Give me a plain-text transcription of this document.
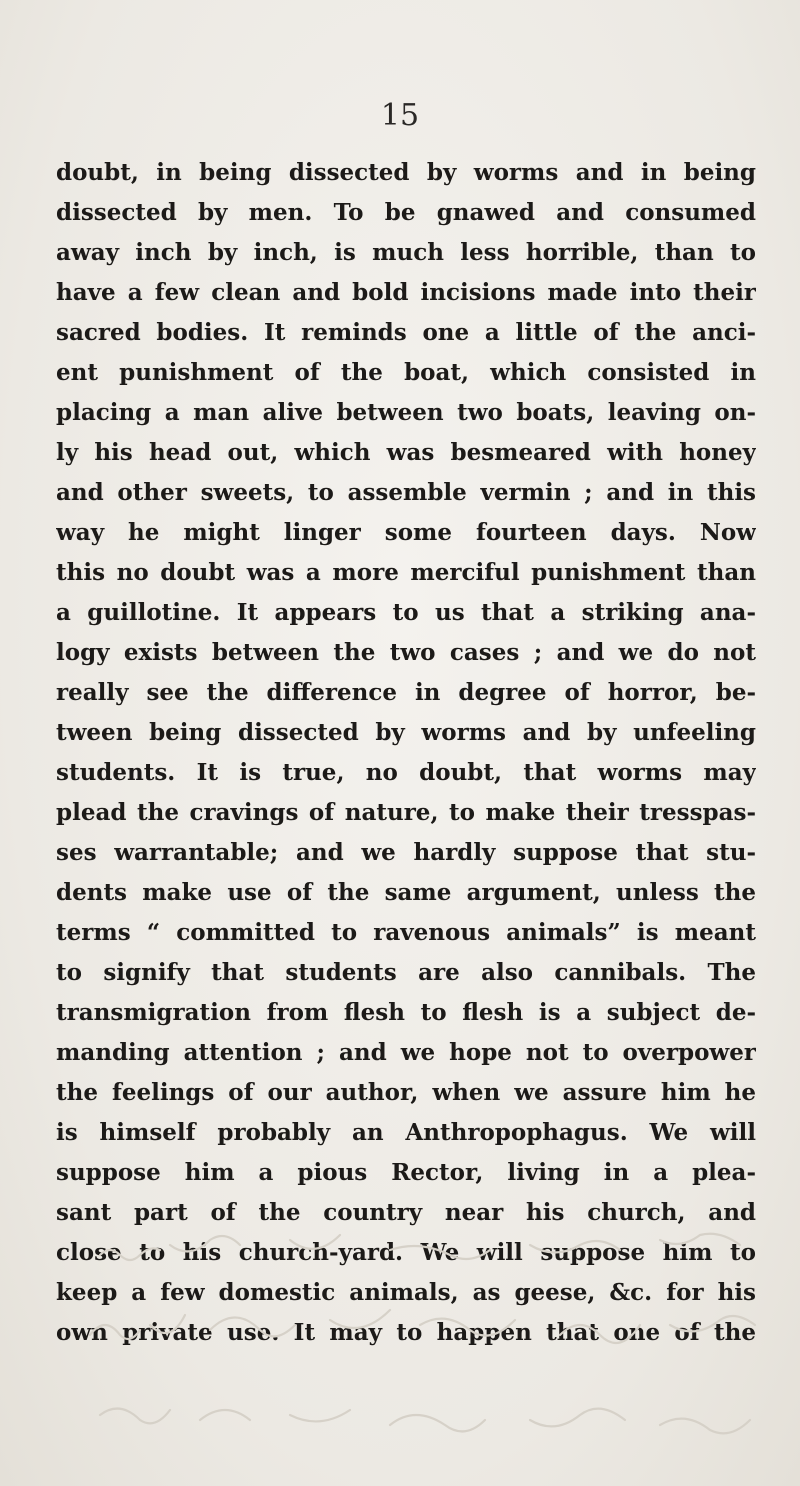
15
doubt, in being dissected by worms and in being
dissected by men. To be gnawed and consumed
away inch by inch, is much less horrible, than to
have a few clean and bold incisions made into their
sacred bodies. It reminds one a little of the anci-
ent punishment of the boat, which consisted in
placing a man alive between two boats, leaving on-
ly his head out, which was besmeared with honey
and other sweets, to assemble vermin ; and in this
way he might linger some fourteen days. Now
this no doubt was a more merciful punishment than
a guillotine. It appears to us that a striking ana-
logy exists between the two cases ; and we do not
really see the difference in degree of horror, be-
tween being dissected by worms and by unfeeling
students. It is true, no doubt, that worms may
plead the cravings of nature, to make their tresspas-
ses warrantable; and we hardly suppose that stu-
dents make use of the same argument, unless the
terms “ committed to ravenous animals” is meant
to signify that students are also cannibals. The
transmigration from flesh to flesh is a subject de-
manding attention ; and we hope not to overpower
the feelings of our author, when we assure him he
is himself probably an Anthropophagus. We will
suppose him a pious Rector, living in a plea-
sant part of the country near his church, and
close to his church-yard. We will suppose him to
keep a few domestic animals, as geese, &c. for his
own private use. It may to happen that one of the
